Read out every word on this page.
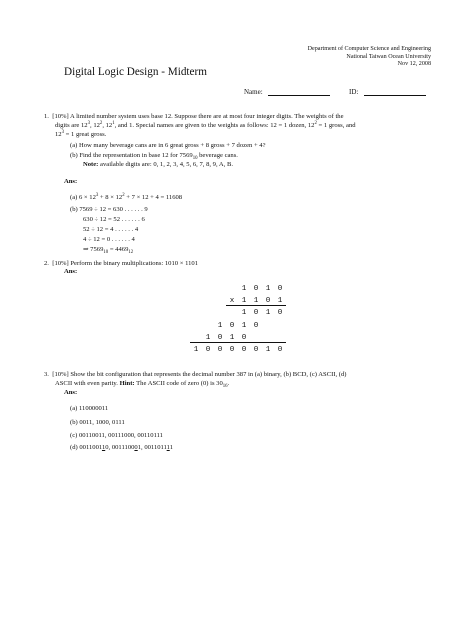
Department of Computer Science and Engineering
National Taiwan Ocean University
Nov 12, 2008
Digital Logic Design - Midterm
Name:	ID:
1. [10%] A limited number system uses base 12. Suppose there are at most four integer digits. The weights of the
digits are $12^3$, $12^2$, $12^1$, and 1. Special names are given to the weights as follows: 12 = 1 dozen, $12^2 = 1$ gross, and
$12^3 = 1$ great gross.
(a) How many beverage cans are in 6 great gross + 8 gross + 7 dozen + 4?
(b) Find the representation in base 12 for $7569_{10}$ beverage cans.
Note: available digits are: 0, 1, 2, 3, 4, 5, 6, 7, 8, 9, A, B.
Ans:
(a) $6 \times 12^3 + 8 \times 12^2 + 7 \times 12 + 4 = 11608$
(b) 7569 ÷ 12 = 630 . . . . . . 9
630 ÷ 12 = 52 . . . . . . 6
52 ÷ 12 = 4 . . . . . . 4
4 ÷ 12 = 0 . . . . . . 4
⇒ $7569_{10} = 4469_{12}$
2. [10%] Perform the binary multiplications: 1010 × 1101
Ans:
1 0 1 0
x 1 1 0 1
1 0 1 0
1 0 1 0
1 0 1 0
1 0 0 0 0 0 1 0
3. [10%] Show the bit configuration that represents the decimal number 387 in (a) binary, (b) BCD, (c) ASCII, (d)
ASCII with even parity. Hint: The ASCII code of zero (0) is $30_{16}$.
Ans:
(a) 110000011
(b) 0011, 1000, 0111
(c) 00110011, 00111000, 00110111
(d) 001100110, 001110001, 001101111
